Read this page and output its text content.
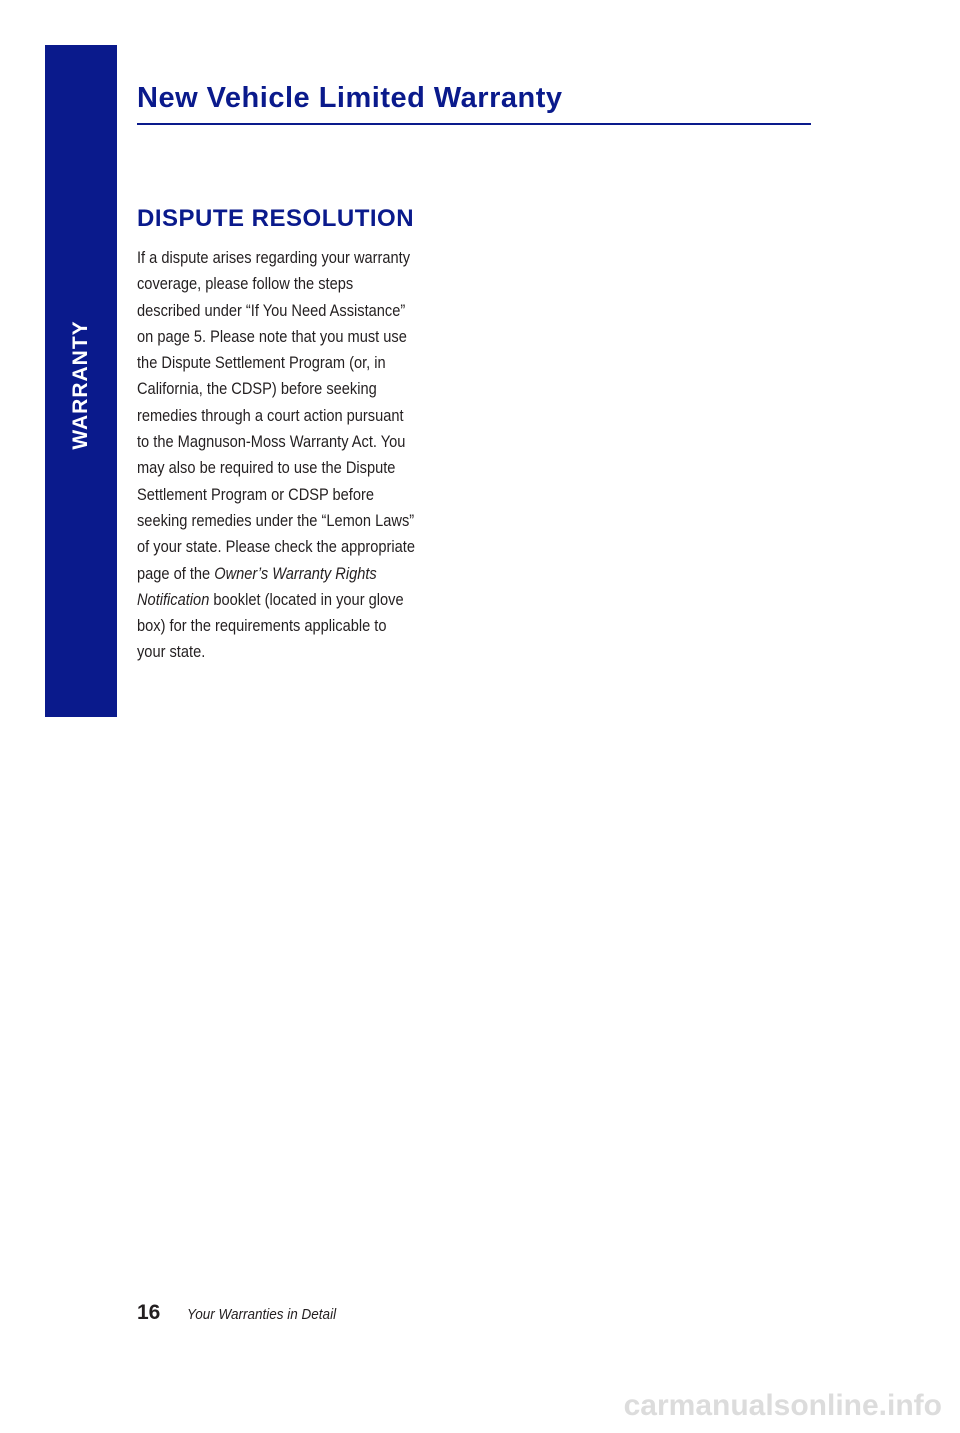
WARRANTY
New Vehicle Limited Warranty
DISPUTE RESOLUTION
If a dispute arises regarding your warranty
coverage, please follow the steps
described under “If You Need Assistance”
on page 5. Please note that you must use
the Dispute Settlement Program (or, in
California, the CDSP) before seeking
remedies through a court action pursuant
to the Magnuson-Moss Warranty Act. You
may also be required to use the Dispute
Settlement Program or CDSP before
seeking remedies under the “Lemon Laws”
of your state. Please check the appropriate
page of the Owner’s Warranty Rights
Notification booklet (located in your glove
box) for the requirements applicable to
your state.
16 Your Warranties in Detail
carmanualsonline.info
